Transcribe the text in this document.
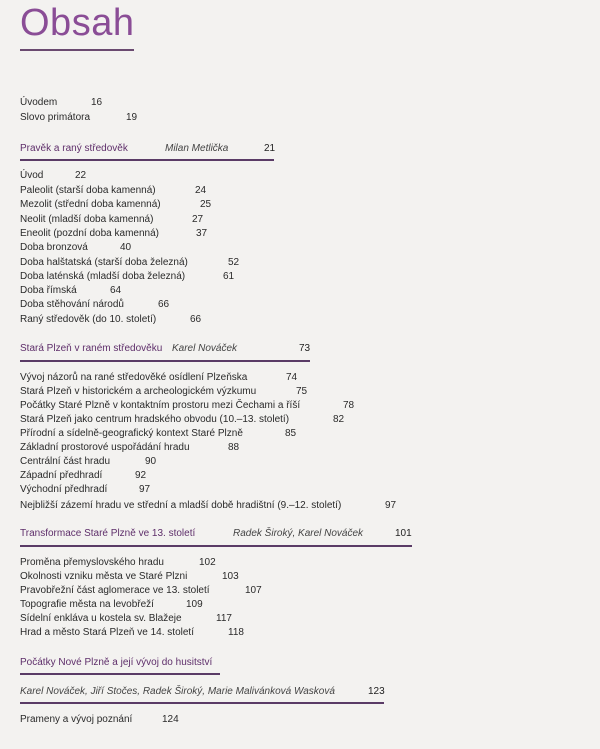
Obsah
Úvodem	16
Slovo primátora	19
Pravěk a raný středověk	Milan Metlička	21
Úvod	22
Paleolit (starší doba kamenná)	24
Mezolit (střední doba kamenná)	25
Neolit (mladší doba kamenná)	27
Eneolit (pozdní doba kamenná)	37
Doba bronzová	40
Doba halštatská (starší doba železná)	52
Doba laténská (mladší doba železná)	61
Doba římská	64
Doba stěhování národů	66
Raný středověk (do 10. století)	66
Stará Plzeň v raném středověku Karel Nováček	73
Vývoj názorů na rané středověké osídlení Plzeňska	74
Stará Plzeň v historickém a archeologickém výzkumu	75
Počátky Staré Plzně v kontaktním prostoru mezi Čechami a říší	78
Stará Plzeň jako centrum hradského obvodu (10.–13. století)	82
Přírodní a sídelně-geografický kontext Staré Plzně	85
Základní prostorové uspořádání hradu	88
Centrální část hradu	90
Západní předhradí	92
Východní předhradí	97
Nejbližší zázemí hradu ve střední a mladší době hradištní (9.–12. století)	97
Transformace Staré Plzně ve 13. století	Radek Široký, Karel Nováček	101
Proměna přemyslovského hradu	102
Okolnosti vzniku města ve Staré Plzni	103
Pravobřežní část aglomerace ve 13. století	107
Topografie města na levobřeží	109
Sídelní enkláva u kostela sv. Blažeje	117
Hrad a město Stará Plzeň ve 14. století	118
Počátky Nové Plzně a její vývoj do husitství
Karel Nováček, Jiří Stočes, Radek Široký, Marie Malivánková Wasková	123
Prameny a vývoj poznání	124
